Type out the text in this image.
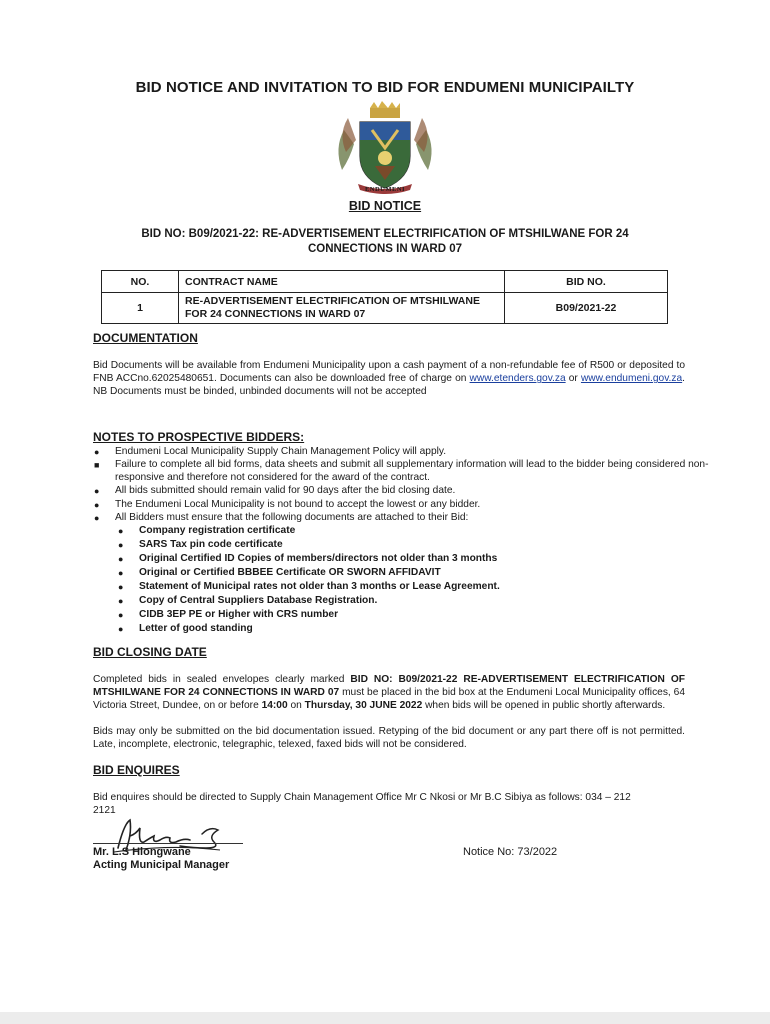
BID NOTICE AND INVITATION TO BID FOR ENDUMENI MUNICIPAILTY
ENDUMENI
BID NOTICE
BID NO: B09/2021-22: RE-ADVERTISEMENT ELECTRIFICATION OF MTSHILWANE FOR 24 CONNECTIONS IN WARD 07
NO.	CONTRACT NAME	BID NO.
1	RE-ADVERTISEMENT ELECTRIFICATION OF MTSHILWANE FOR 24 CONNECTIONS IN WARD 07	B09/2021-22
DOCUMENTATION
Bid Documents will be available from Endumeni Municipality upon a cash payment of a non-refundable fee of R500 or deposited to FNB ACCno.62025480651. Documents can also be downloaded free of charge on www.etenders.gov.za or www.endumeni.gov.za. NB Documents must be binded, unbinded documents will not be accepted
NOTES TO PROSPECTIVE BIDDERS:
● Endumeni Local Municipality Supply Chain Management Policy will apply.
■ Failure to complete all bid forms, data sheets and submit all supplementary information will lead to the bidder being considered non-responsive and therefore not considered for the award of the contract.
● All bids submitted should remain valid for 90 days after the bid closing date.
● The Endumeni Local Municipality is not bound to accept the lowest or any bidder.
● All Bidders must ensure that the following documents are attached to their Bid:
● Company registration certificate
● SARS Tax pin code certificate
● Original Certified ID Copies of members/directors not older than 3 months
● Original or Certified BBBEE Certificate OR SWORN AFFIDAVIT
● Statement of Municipal rates not older than 3 months or Lease Agreement.
● Copy of Central Suppliers Database Registration.
● CIDB 3EP PE or Higher with CRS number
● Letter of good standing
BID CLOSING DATE
Completed bids in sealed envelopes clearly marked BID NO: B09/2021-22 RE-ADVERTISEMENT ELECTRIFICATION OF MTSHILWANE FOR 24 CONNECTIONS IN WARD 07 must be placed in the bid box at the Endumeni Local Municipality offices, 64 Victoria Street, Dundee, on or before 14:00 on Thursday, 30 JUNE 2022 when bids will be opened in public shortly afterwards.
Bids may only be submitted on the bid documentation issued. Retyping of the bid document or any part there off is not permitted. Late, incomplete, electronic, telegraphic, telexed, faxed bids will not be considered.
BID ENQUIRES
Bid enquires should be directed to Supply Chain Management Office Mr C Nkosi or Mr B.C Sibiya as follows: 034 – 212 2121
Mr. L.S Hlongwane
Acting Municipal Manager
Notice No: 73/2022
